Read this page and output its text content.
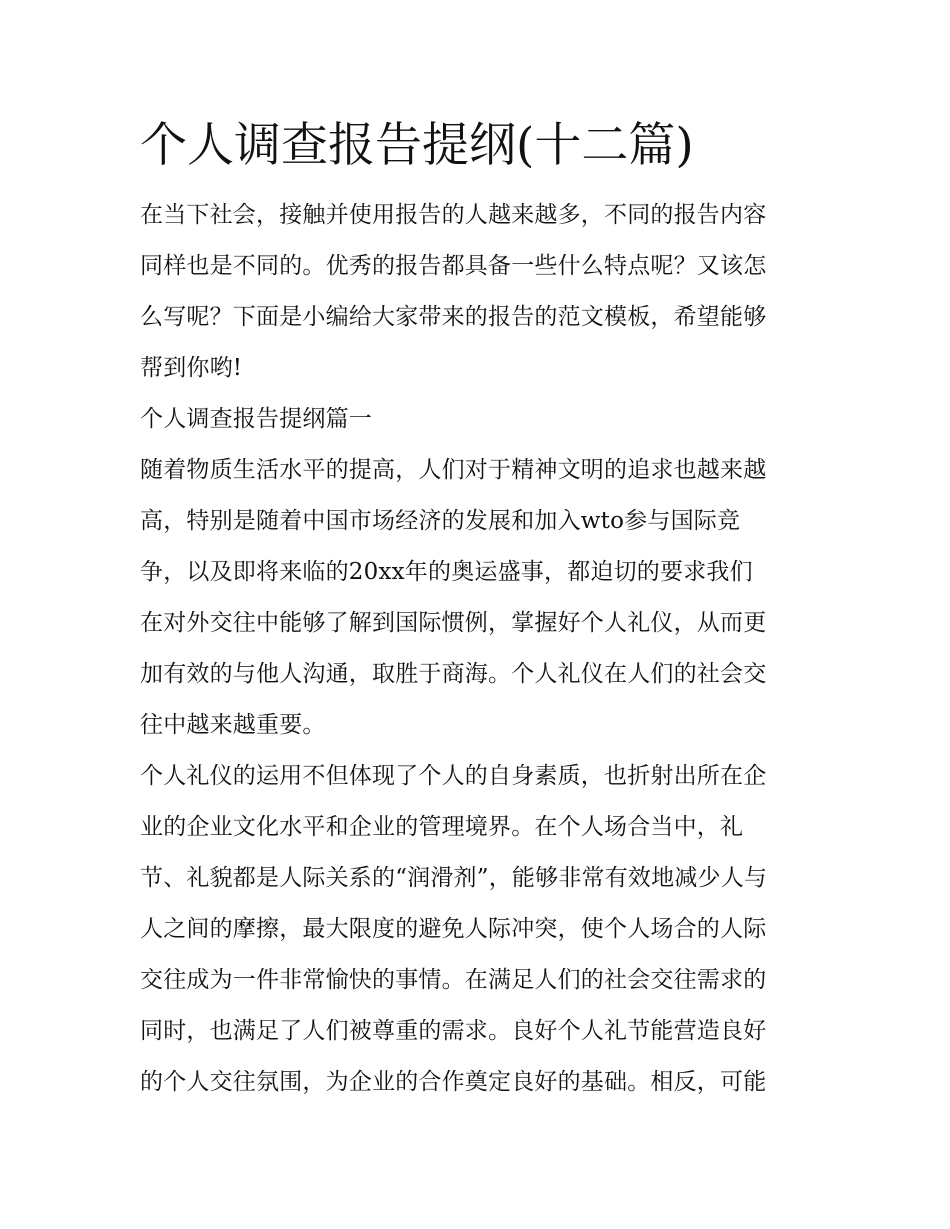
个人调查报告提纲(十二篇)

在当下社会，接触并使用报告的人越来越多，不同的报告内容
同样也是不同的。优秀的报告都具备一些什么特点呢？又该怎
么写呢？下面是小编给大家带来的报告的范文模板，希望能够
帮到你哟!

个人调查报告提纲篇一

随着物质生活水平的提高，人们对于精神文明的追求也越来越
高，特别是随着中国市场经济的发展和加入wto参与国际竞
争，以及即将来临的20xx年的奥运盛事，都迫切的要求我们
在对外交往中能够了解到国际惯例，掌握好个人礼仪，从而更
加有效的与他人沟通，取胜于商海。个人礼仪在人们的社会交
往中越来越重要。

个人礼仪的运用不但体现了个人的自身素质，也折射出所在企
业的企业文化水平和企业的管理境界。在个人场合当中，礼
节、礼貌都是人际关系的“润滑剂”，能够非常有效地减少人与
人之间的摩擦，最大限度的避免人际冲突，使个人场合的人际
交往成为一件非常愉快的事情。在满足人们的社会交往需求的
同时，也满足了人们被尊重的需求。良好个人礼节能营造良好
的个人交往氛围，为企业的合作奠定良好的基础。相反，可能
